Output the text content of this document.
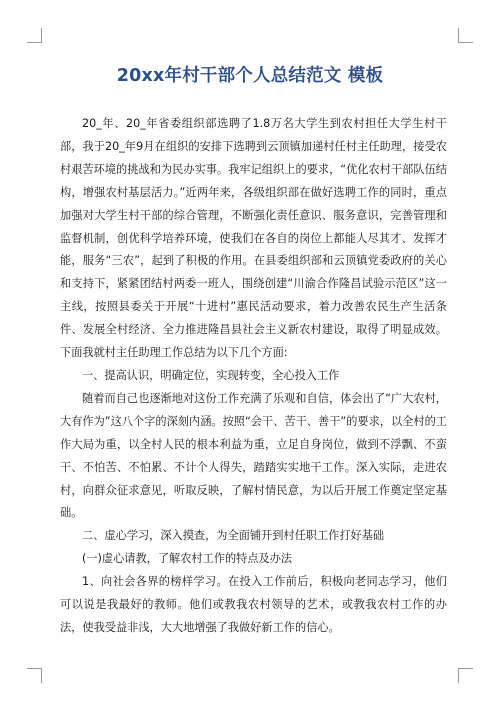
20xx年村干部个人总结范文 模板

20_年、20_年省委组织部选聘了1.8万名大学生到农村担任大学生村干部，我于20_年9月在组织的安排下选聘到云顶镇加递村任村主任助理，接受农村艰苦环境的挑战和为民办实事。我牢记组织上的要求，“优化农村干部队伍结构，增强农村基层活力。”近两年来，各级组织部在做好选聘工作的同时，重点加强对大学生村干部的综合管理，不断强化责任意识、服务意识，完善管理和监督机制，创优科学培养环境，使我们在各自的岗位上都能人尽其才、发挥才能，服务“三农”，起到了积极的作用。在县委组织部和云顶镇党委政府的关心和支持下，紧紧团结村两委一班人，围绕创建“川渝合作隆昌试验示范区”这一主线，按照县委关于开展“十进村”惠民活动要求，着力改善农民生产生活条件、发展全村经济、全力推进隆昌县社会主义新农村建设，取得了明显成效。下面我就村主任助理工作总结为以下几个方面:

一、提高认识，明确定位，实现转变，全心投入工作

随着而自己也逐渐地对这份工作充满了乐观和自信，体会出了“广大农村，大有作为”这八个字的深刻内涵。按照“会干、苦干、善干”的要求，以全村的工作大局为重，以全村人民的根本利益为重，立足自身岗位，做到不浮飘、不蛮干、不怕苦、不怕累、不计个人得失，踏踏实实地干工作。深入实际，走进农村，向群众征求意见，听取反映，了解村情民意，为以后开展工作奠定坚定基础。

二、虚心学习，深入摸查，为全面铺开到村任职工作打好基础

(一)虚心请教，了解农村工作的特点及办法

1、向社会各界的榜样学习。在投入工作前后，积极向老同志学习，他们可以说是我最好的教师。他们或教我农村领导的艺术，或教我农村工作的办法，使我受益非浅，大大地增强了我做好新工作的信心。
